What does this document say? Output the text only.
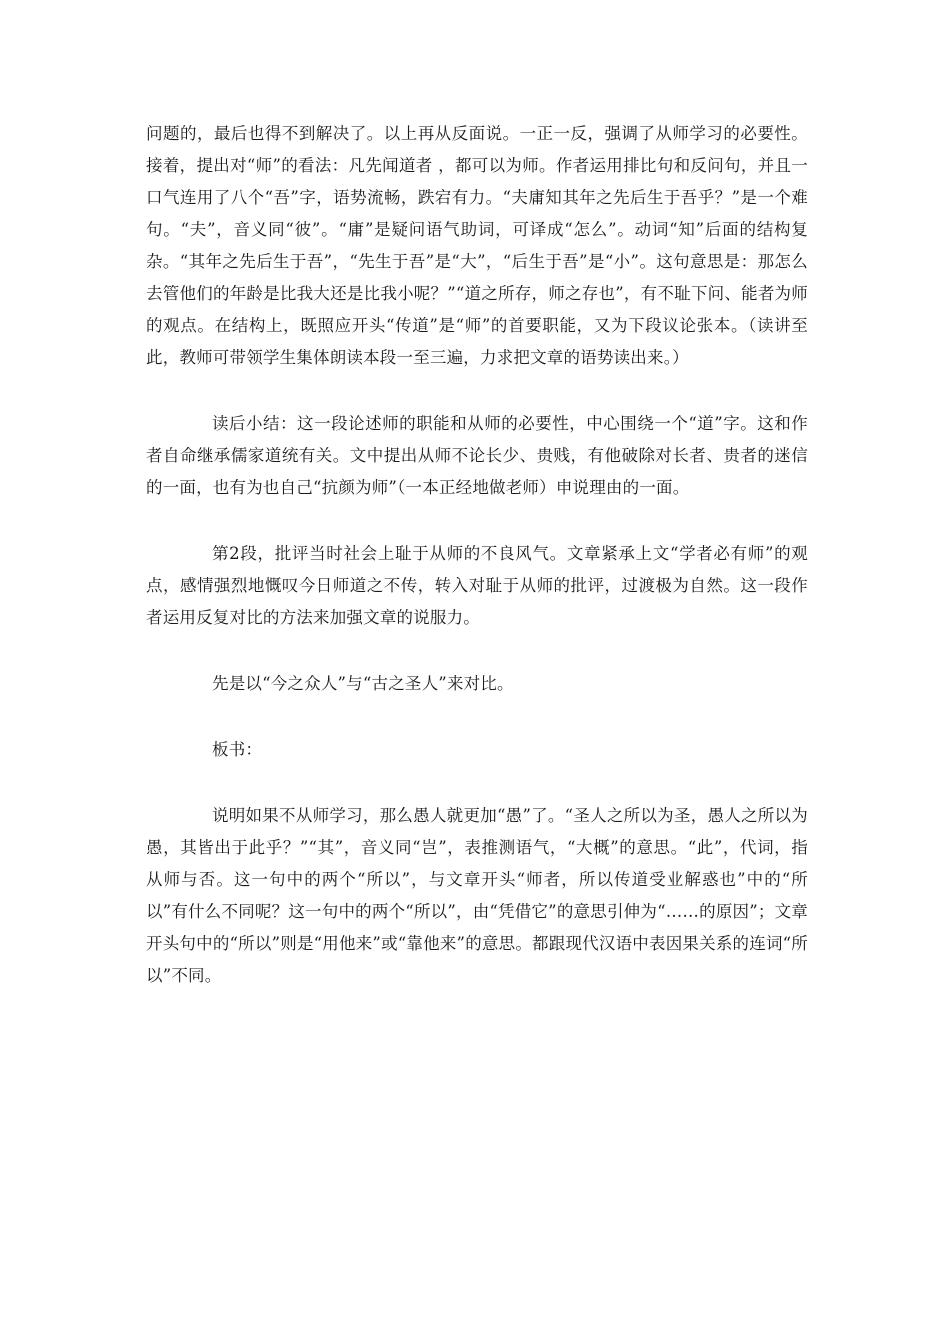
问题的，最后也得不到解决了。以上再从反面说。一正一反，强调了从师学习的必要性。接着，提出对“师”的看法：凡先闻道者 ，都可以为师。作者运用排比句和反问句，并且一口气连用了八个“吾”字，语势流畅，跌宕有力。“夫庸知其年之先后生于吾乎？”是一个难句。“夫”，音义同“彼”。“庸”是疑问语气助词，可译成“怎么”。动词“知”后面的结构复杂。“其年之先后生于吾”，“先生于吾”是“大”，“后生于吾”是“小”。这句意思是：那怎么去管他们的年龄是比我大还是比我小呢？”“道之所存，师之存也”，有不耻下问、能者为师的观点。在结构上，既照应开头“传道”是“师”的首要职能，又为下段议论张本。（读讲至此，教师可带领学生集体朗读本段一至三遍，力求把文章的语势读出来。）

读后小结：这一段论述师的职能和从师的必要性，中心围绕一个“道”字。这和作者自命继承儒家道统有关。文中提出从师不论长少、贵贱，有他破除对长者、贵者的迷信的一面，也有为也自己“抗颜为师”（一本正经地做老师）申说理由的一面。

第2段，批评当时社会上耻于从师的不良风气。文章紧承上文“学者必有师”的观点，感情强烈地慨叹今日师道之不传，转入对耻于从师的批评，过渡极为自然。这一段作者运用反复对比的方法来加强文章的说服力。

先是以“今之众人”与“古之圣人”来对比。

板书：

说明如果不从师学习，那么愚人就更加“愚”了。“圣人之所以为圣，愚人之所以为愚，其皆出于此乎？”“其”，音义同“岂”，表推测语气，“大概”的意思。“此”，代词，指从师与否。这一句中的两个“所以”，与文章开头“师者，所以传道受业解惑也”中的“所以”有什么不同呢？这一句中的两个“所以”，由“凭借它”的意思引伸为“……的原因”；文章开头句中的“所以”则是“用他来”或“靠他来”的意思。都跟现代汉语中表因果关系的连词“所以”不同。
